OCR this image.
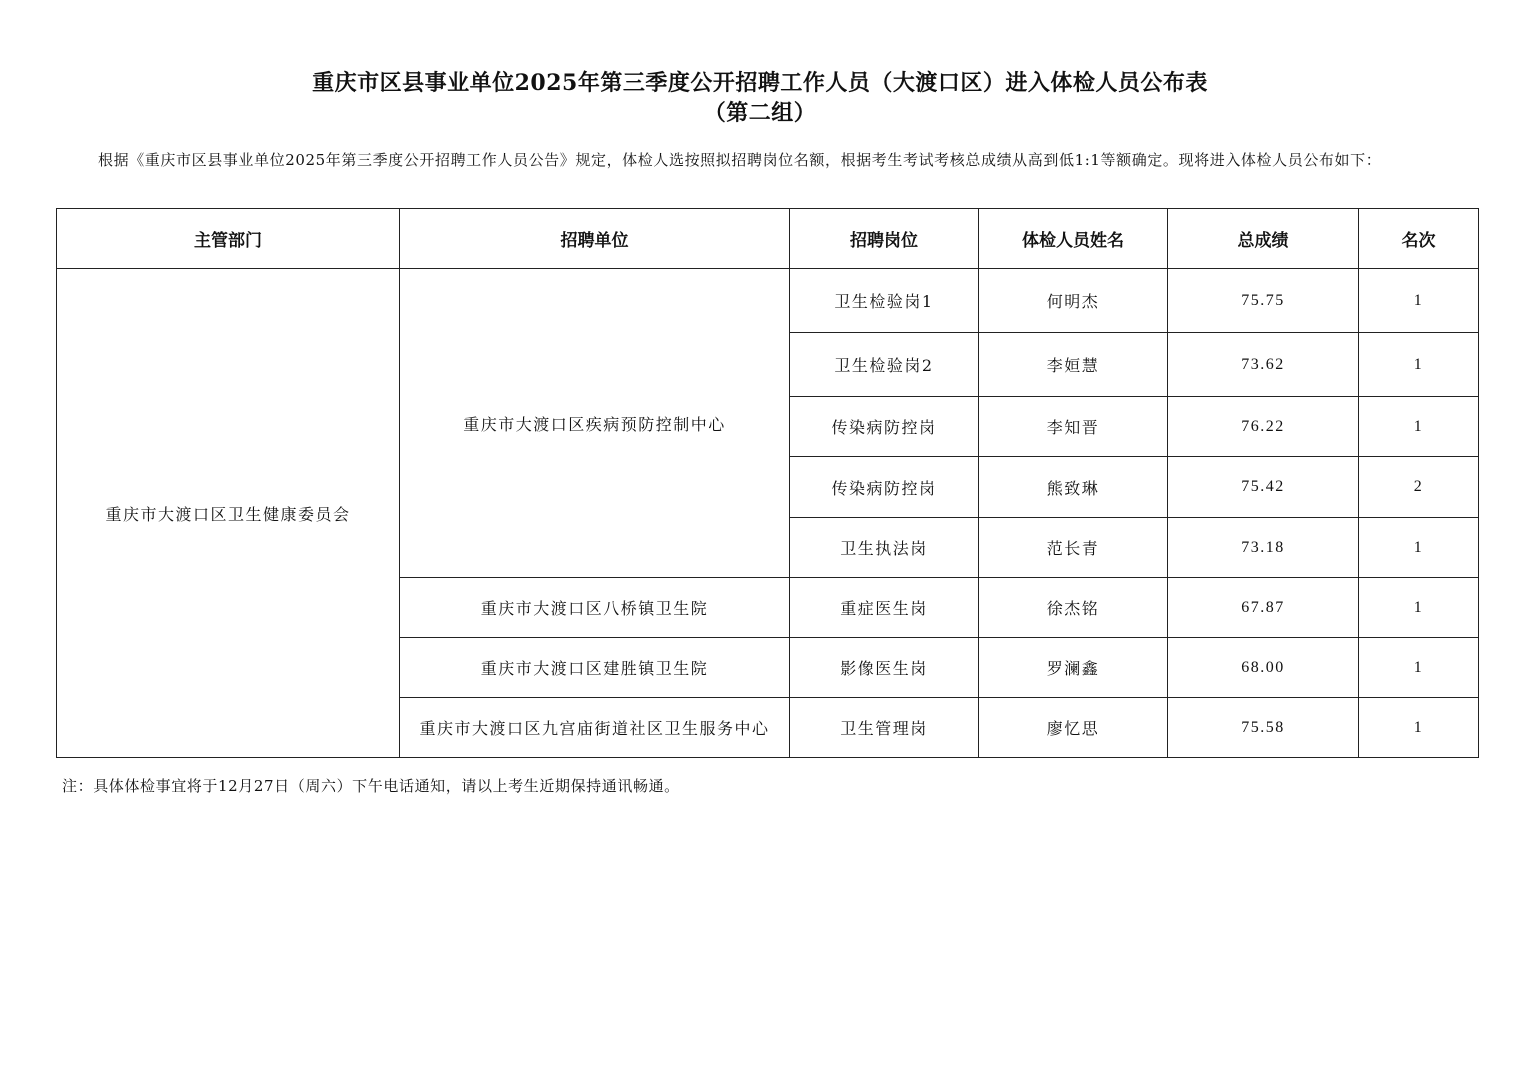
重庆市区县事业单位2025年第三季度公开招聘工作人员（大渡口区）进入体检人员公布表
（第二组）

根据《重庆市区县事业单位2025年第三季度公开招聘工作人员公告》规定，体检人选按照拟招聘岗位名额，根据考生考试考核总成绩从高到低1:1等额确定。现将进入体检人员公布如下：

主管部门	招聘单位	招聘岗位	体检人员姓名	总成绩	名次
重庆市大渡口区卫生健康委员会	重庆市大渡口区疾病预防控制中心	卫生检验岗1	何明杰	75.75	1
		卫生检验岗2	李姮慧	73.62	1
		传染病防控岗	李知晋	76.22	1
		传染病防控岗	熊致琳	75.42	2
		卫生执法岗	范长青	73.18	1
	重庆市大渡口区八桥镇卫生院	重症医生岗	徐杰铭	67.87	1
	重庆市大渡口区建胜镇卫生院	影像医生岗	罗澜鑫	68.00	1
	重庆市大渡口区九宫庙街道社区卫生服务中心	卫生管理岗	廖忆思	75.58	1

注：具体体检事宜将于12月27日（周六）下午电话通知，请以上考生近期保持通讯畅通。
